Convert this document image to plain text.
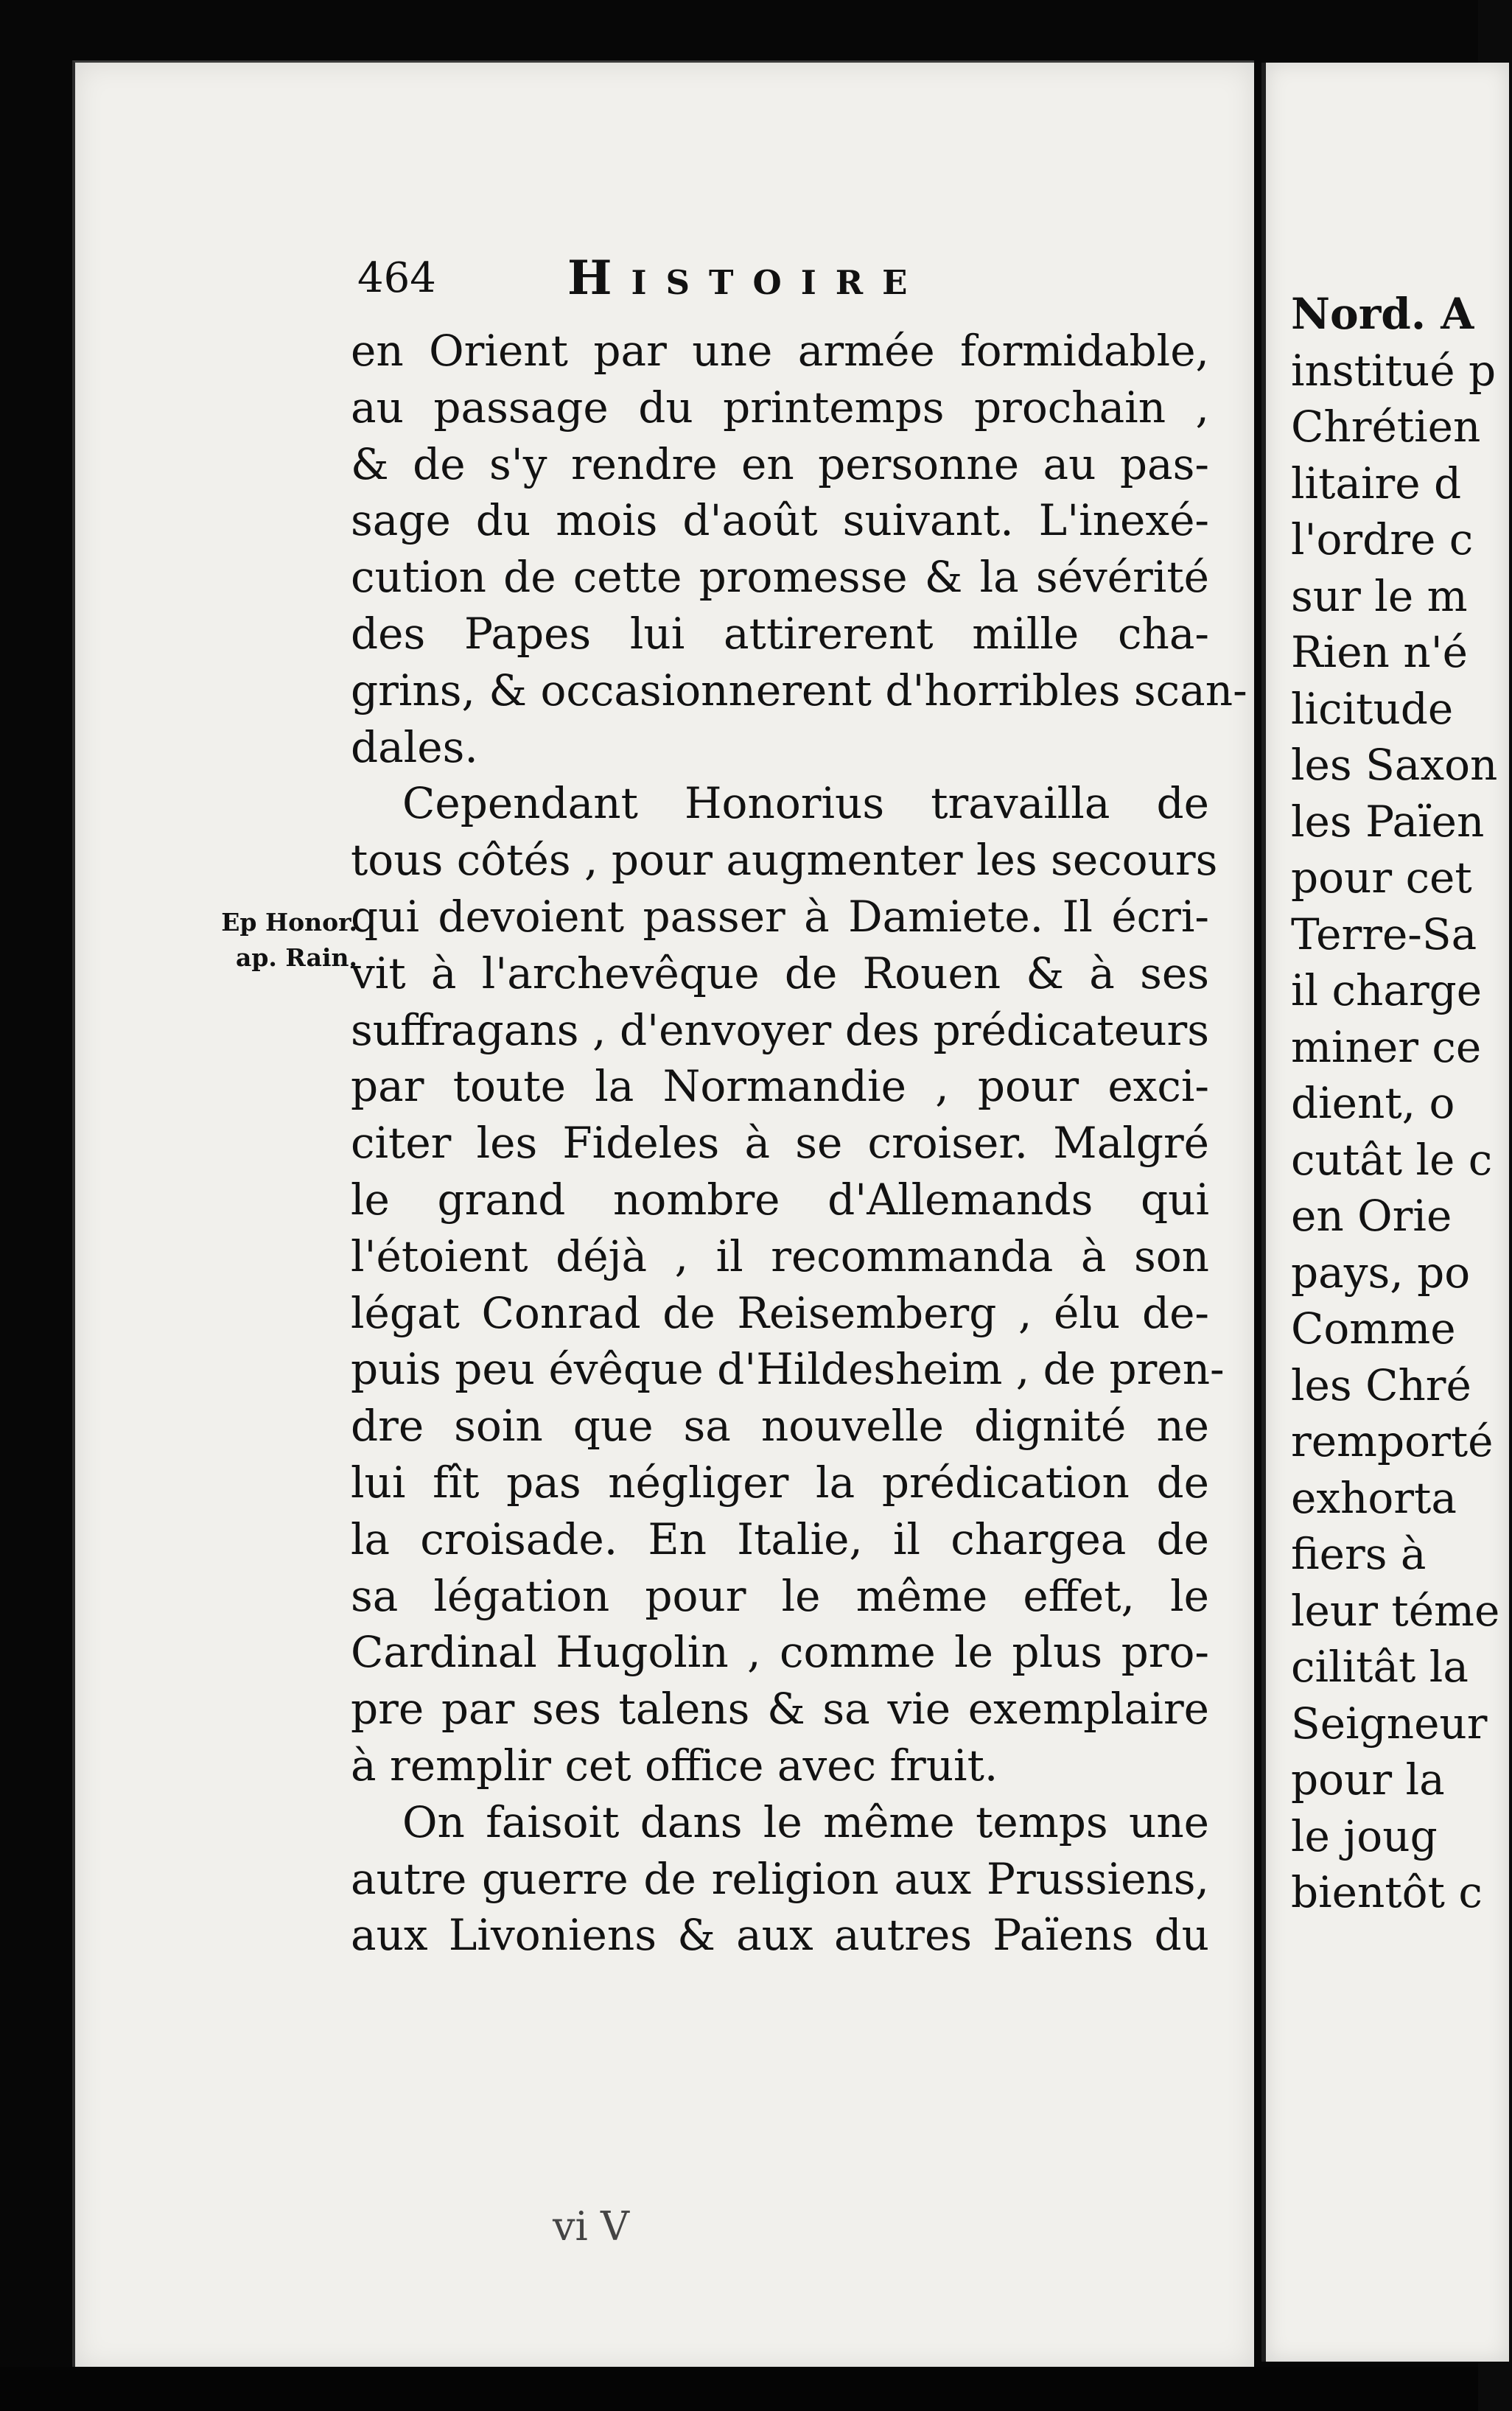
464	Histoire
Ep Honor.
ap. Rain.
en Orient par une armée formidable,
au passage du printemps prochain ,
& de s'y rendre en personne au pas-
sage du mois d'août suivant. L'inexé-
cution de cette promesse & la sévérité
des Papes lui attirerent mille cha-
grins, & occasionnerent d'horribles scan-
dales.
Cependant Honorius travailla de
tous côtés , pour augmenter les secours
qui devoient passer à Damiete. Il écri-
vit à l'archevêque de Rouen & à ses
suffragans , d'envoyer des prédicateurs
par toute la Normandie , pour exci-
citer les Fideles à se croiser. Malgré
le grand nombre d'Allemands qui
l'étoient déjà , il recommanda à son
légat Conrad de Reisemberg , élu de-
puis peu évêque d'Hildesheim , de pren-
dre soin que sa nouvelle dignité ne
lui fît pas négliger la prédication de
la croisade. En Italie, il chargea de
sa légation pour le même effet, le
Cardinal Hugolin , comme le plus pro-
pre par ses talens & sa vie exemplaire
à remplir cet office avec fruit.
On faisoit dans le même temps une
autre guerre de religion aux Prussiens,
aux Livoniens & aux autres Païens du
Nord. A
institué p
Chrétien
litaire d
l'ordre c
sur le m
Rien n'é
licitude
les Saxon
les Païen
pour cet
Terre-Sa
il charge
miner ce
dient, o
cutât le c
en Orie
pays, po
Comme
les Chré
remporté
exhorta
fiers à
leur téme
cilitât la
Seigneur
pour la
le joug
bientôt c
vi V
